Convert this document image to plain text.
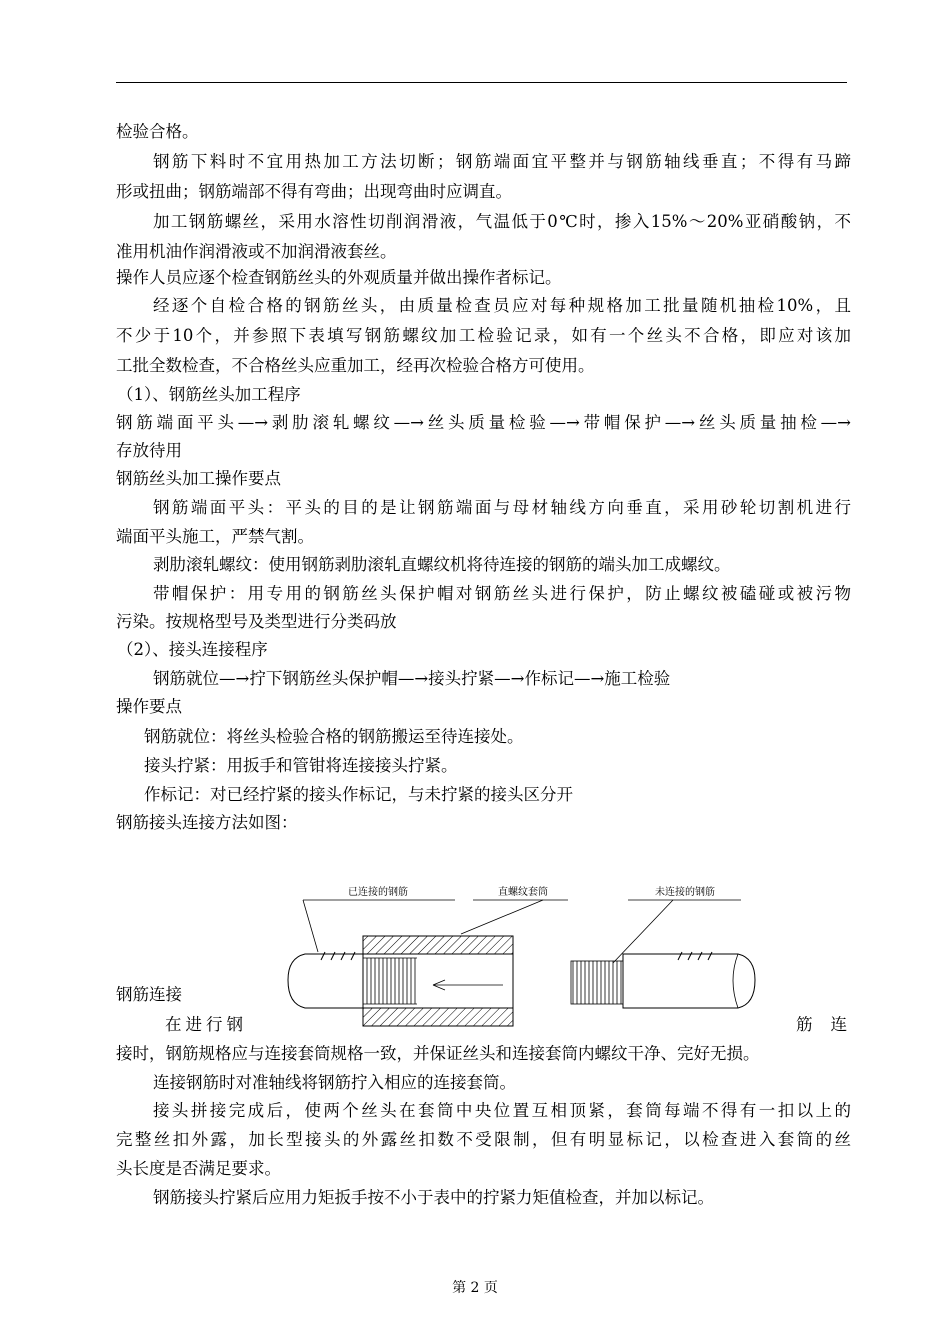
检验合格。
钢筋下料时不宜用热加工方法切断；钢筋端面宜平整并与钢筋轴线垂直；不得有马蹄
形或扭曲；钢筋端部不得有弯曲；出现弯曲时应调直。
加工钢筋螺丝，采用水溶性切削润滑液，气温低于0℃时，掺入15%～20%亚硝酸钠，不
准用机油作润滑液或不加润滑液套丝。
操作人员应逐个检查钢筋丝头的外观质量并做出操作者标记。
经逐个自检合格的钢筋丝头，由质量检查员应对每种规格加工批量随机抽检10%，且
不少于10个，并参照下表填写钢筋螺纹加工检验记录，如有一个丝头不合格，即应对该加
工批全数检查，不合格丝头应重加工，经再次检验合格方可使用。
（1）、钢筋丝头加工程序
钢筋端面平头—→剥肋滚轧螺纹—→丝头质量检验—→带帽保护—→丝头质量抽检—→
存放待用
钢筋丝头加工操作要点
钢筋端面平头：平头的目的是让钢筋端面与母材轴线方向垂直，采用砂轮切割机进行
端面平头施工，严禁气割。
剥肋滚轧螺纹：使用钢筋剥肋滚轧直螺纹机将待连接的钢筋的端头加工成螺纹。
带帽保护：用专用的钢筋丝头保护帽对钢筋丝头进行保护，防止螺纹被磕碰或被污物
污染。按规格型号及类型进行分类码放
（2）、接头连接程序
钢筋就位—→拧下钢筋丝头保护帽—→接头拧紧—→作标记—→施工检验
操作要点
钢筋就位：将丝头检验合格的钢筋搬运至待连接处。
接头拧紧：用扳手和管钳将连接接头拧紧。
作标记：对已经拧紧的接头作标记，与未拧紧的接头区分开
钢筋接头连接方法如图：
已连接的钢筋	直螺纹套筒	未连接的钢筋
钢筋连接
在进行钢	筋 连
接时，钢筋规格应与连接套筒规格一致，并保证丝头和连接套筒内螺纹干净、完好无损。
连接钢筋时对准轴线将钢筋拧入相应的连接套筒。
接头拼接完成后，使两个丝头在套筒中央位置互相顶紧，套筒每端不得有一扣以上的
完整丝扣外露，加长型接头的外露丝扣数不受限制，但有明显标记，以检查进入套筒的丝
头长度是否满足要求。
钢筋接头拧紧后应用力矩扳手按不小于表中的拧紧力矩值检查，并加以标记。
第 2 页
